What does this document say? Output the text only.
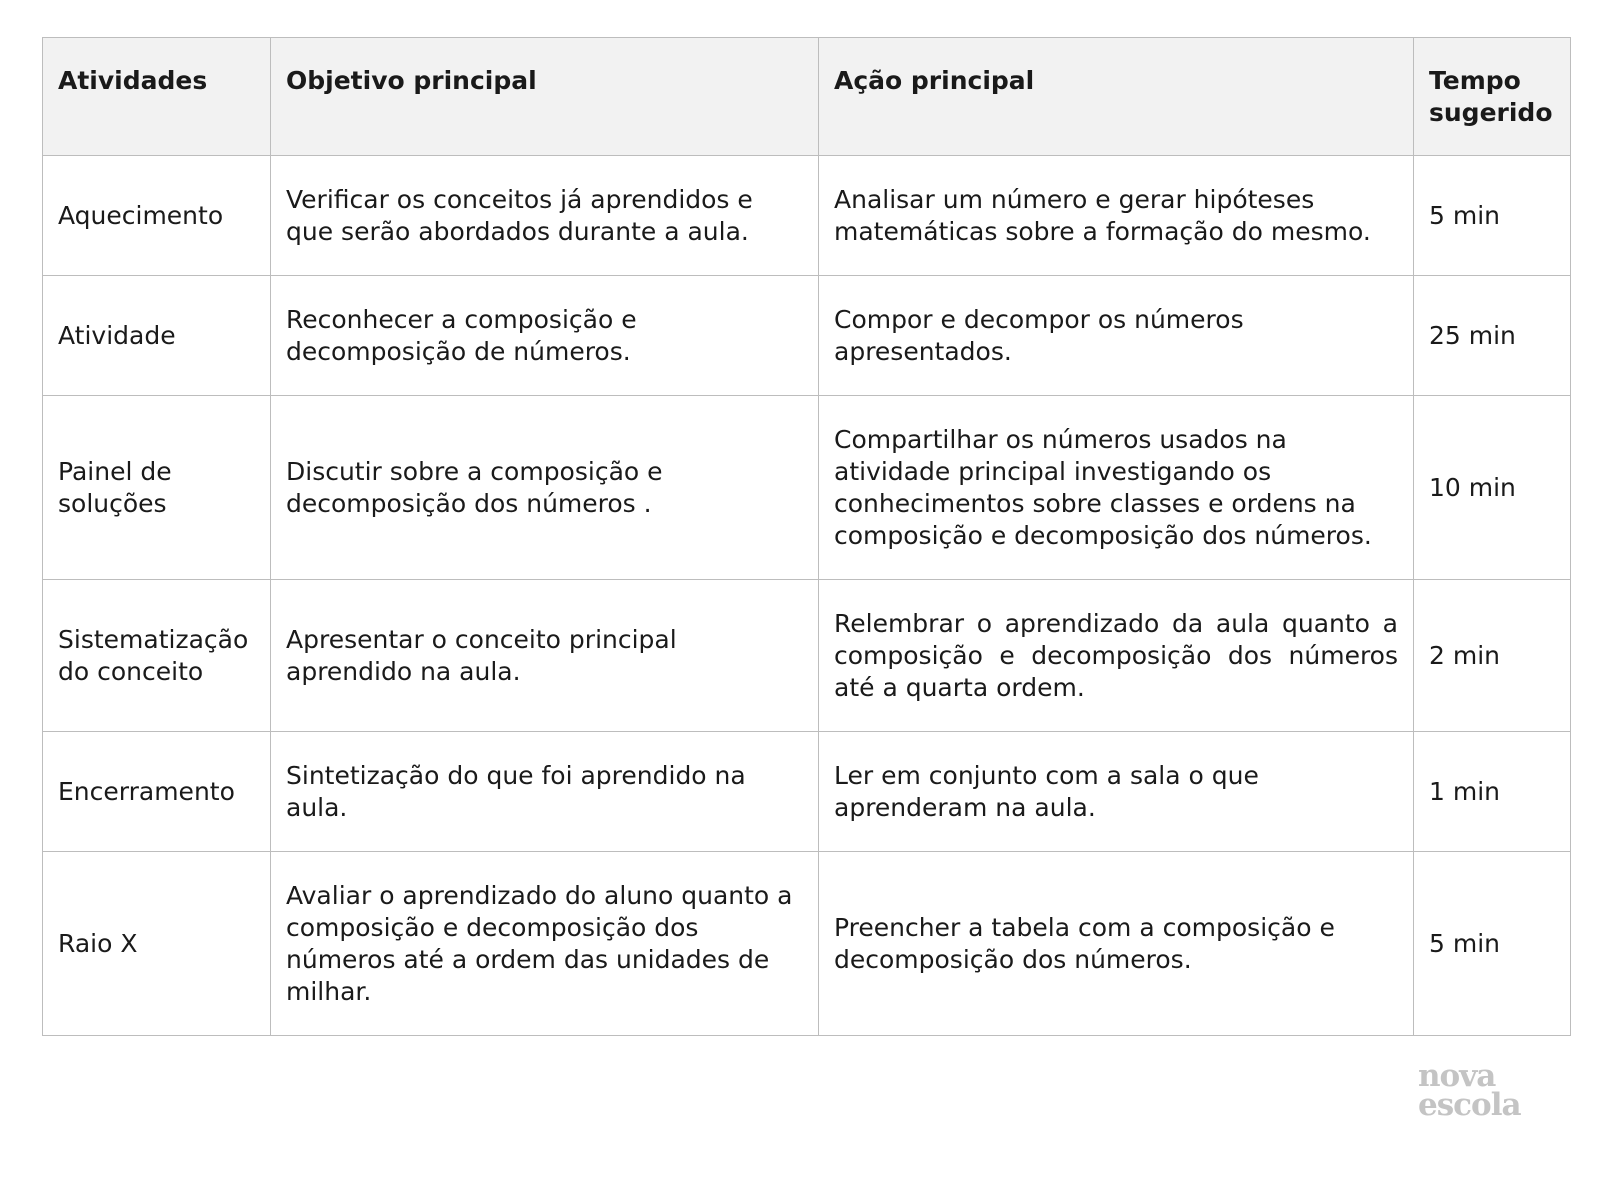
Atividades	Objetivo principal	Ação principal	Tempo sugerido
Aquecimento	Verificar os conceitos já aprendidos e que serão abordados durante a aula.	Analisar um número e gerar hipóteses matemáticas sobre a formação do mesmo.	5 min
Atividade	Reconhecer a composição e decomposição de números.	Compor e decompor os números apresentados.	25 min
Painel de soluções	Discutir sobre a composição e decomposição dos números .	Compartilhar os números usados na atividade principal investigando os conhecimentos sobre classes e ordens na composição e decomposição dos números.	10 min
Sistematização do conceito	Apresentar o conceito principal aprendido na aula.	Relembrar o aprendizado da aula quanto a composição e decomposição dos números até a quarta ordem.	2 min
Encerramento	Sintetização do que foi aprendido na aula.	Ler em conjunto com a sala o que aprenderam na aula.	1 min
Raio X	Avaliar o aprendizado do aluno quanto a composição e decomposição dos números até a ordem das unidades de milhar.	Preencher a tabela com a composição e decomposição dos números.	5 min
nova
escola
